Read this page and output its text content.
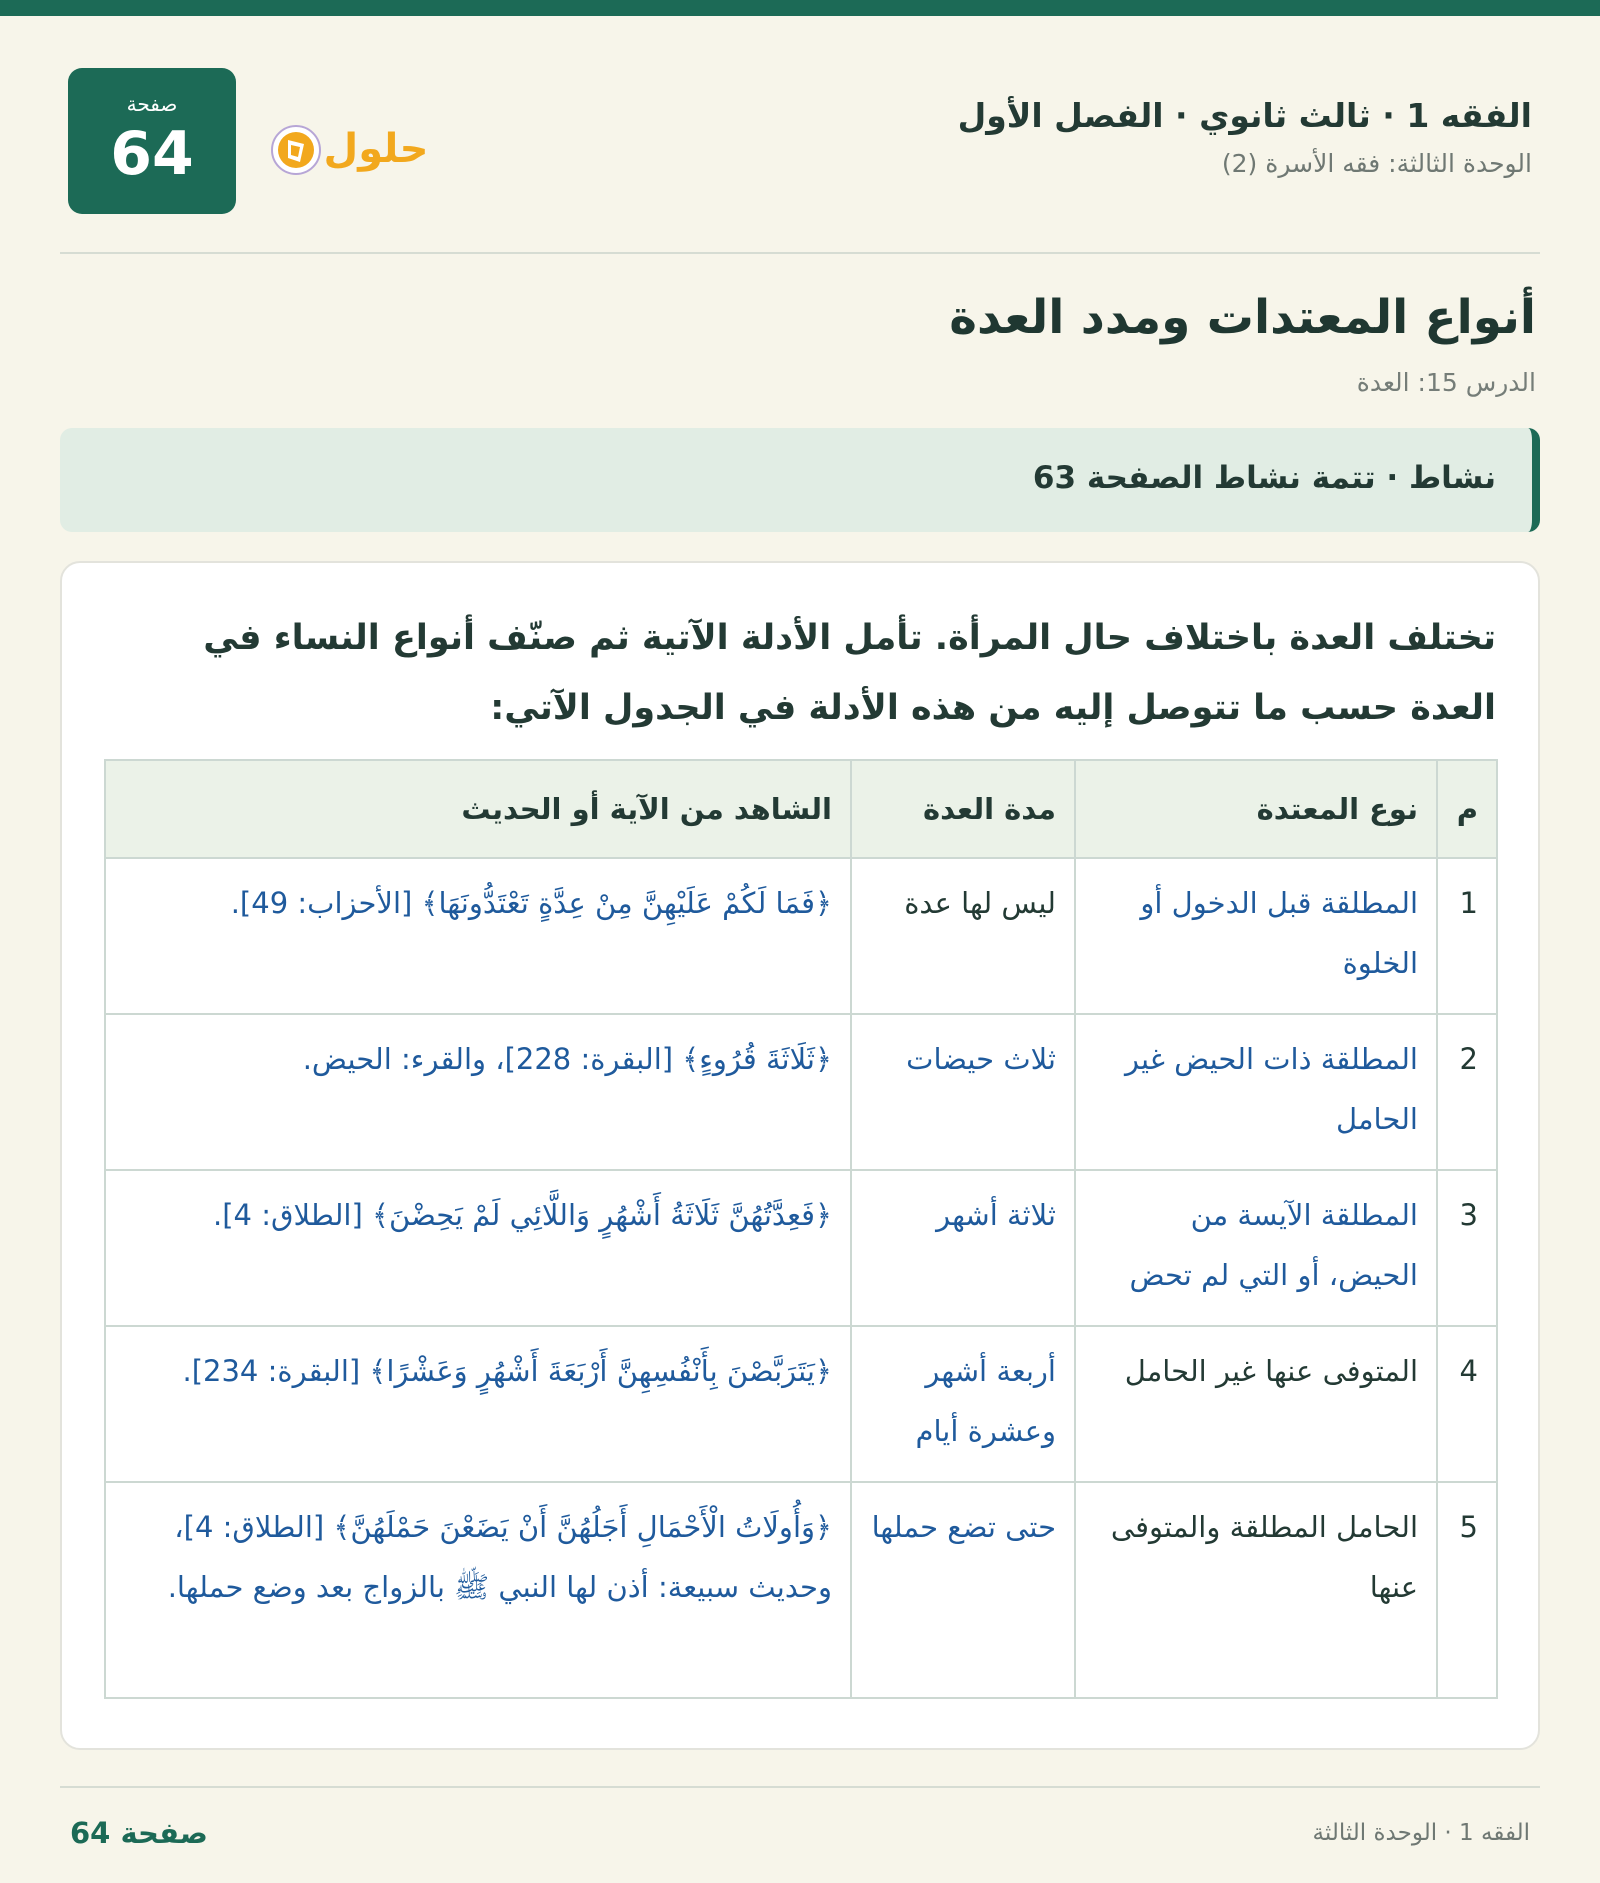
الفقه 1 · ثالث ثانوي · الفصل الأول
الوحدة الثالثة: فقه الأسرة (2)
حلول
صفحة
64
أنواع المعتدات ومدد العدة
الدرس 15: العدة
نشاط · تتمة نشاط الصفحة 63
تختلف العدة باختلاف حال المرأة. تأمل الأدلة الآتية ثم صنّف أنواع النساء في العدة حسب ما تتوصل إليه من هذه الأدلة في الجدول الآتي:
م	نوع المعتدة	مدة العدة	الشاهد من الآية أو الحديث
1	المطلقة قبل الدخول أو الخلوة	ليس لها عدة	﴿فَمَا لَكُمْ عَلَيْهِنَّ مِنْ عِدَّةٍ تَعْتَدُّونَهَا﴾ [الأحزاب: 49].
2	المطلقة ذات الحيض غير الحامل	ثلاث حيضات	﴿ثَلَاثَةَ قُرُوءٍ﴾ [البقرة: 228]، والقرء: الحيض.
3	المطلقة الآيسة من الحيض، أو التي لم تحض	ثلاثة أشهر	﴿فَعِدَّتُهُنَّ ثَلَاثَةُ أَشْهُرٍ وَاللَّائِي لَمْ يَحِضْنَ﴾ [الطلاق: 4].
4	المتوفى عنها غير الحامل	أربعة أشهر وعشرة أيام	﴿يَتَرَبَّصْنَ بِأَنْفُسِهِنَّ أَرْبَعَةَ أَشْهُرٍ وَعَشْرًا﴾ [البقرة: 234].
5	الحامل المطلقة والمتوفى عنها	حتى تضع حملها	﴿وَأُولَاتُ الْأَحْمَالِ أَجَلُهُنَّ أَنْ يَضَعْنَ حَمْلَهُنَّ﴾ [الطلاق: 4]، وحديث سبيعة: أذن لها النبي ﷺ بالزواج بعد وضع حملها.
الفقه 1 · الوحدة الثالثة
صفحة 64
